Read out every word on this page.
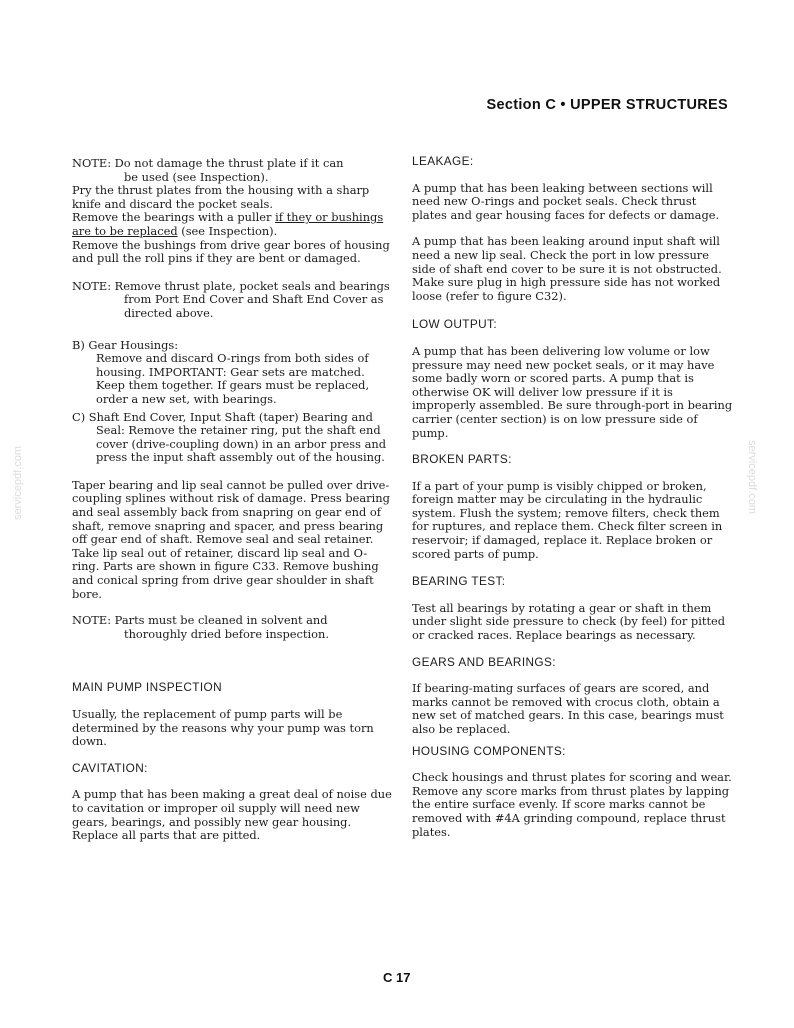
Section C • UPPER STRUCTURES
servicepdf.com	servicepdf.com

NOTE: Do not damage the thrust plate if it can

be used (see Inspection).

Pry the thrust plates from the housing with a sharp knife and discard the pocket seals.

Remove the bearings with a puller if they or bushings are to be replaced (see Inspection).

Remove the bushings from drive gear bores of housing and pull the roll pins if they are bent or damaged.

NOTE: Remove thrust plate, pocket seals and bearings from Port End Cover and Shaft End Cover as directed above.

B) Gear Housings:

Remove and discard O-rings from both sides of housing. IMPORTANT: Gear sets are matched. Keep them together. If gears must be replaced, order a new set, with bearings.

C) Shaft End Cover, Input Shaft (taper) Bearing and Seal: Remove the retainer ring, put the shaft end cover (drive-coupling down) in an arbor press and press the input shaft assembly out of the housing.

Taper bearing and lip seal cannot be pulled over drive-coupling splines without risk of damage. Press bearing and seal assembly back from snapring on gear end of shaft, remove snapring and spacer, and press bearing off gear end of shaft. Remove seal and seal retainer. Take lip seal out of retainer, discard lip seal and O-ring. Parts are shown in figure C33. Remove bushing and conical spring from drive gear shoulder in shaft bore.

NOTE: Parts must be cleaned in solvent and thoroughly dried before inspection.

MAIN PUMP INSPECTION

Usually, the replacement of pump parts will be determined by the reasons why your pump was torn down.

CAVITATION:

A pump that has been making a great deal of noise due to cavitation or improper oil supply will need new gears, bearings, and possibly new gear housing. Replace all parts that are pitted.

LEAKAGE:

A pump that has been leaking between sections will need new O-rings and pocket seals. Check thrust plates and gear housing faces for defects or damage.

A pump that has been leaking around input shaft will need a new lip seal. Check the port in low pressure side of shaft end cover to be sure it is not obstructed. Make sure plug in high pressure side has not worked loose (refer to figure C32).

LOW OUTPUT:

A pump that has been delivering low volume or low pressure may need new pocket seals, or it may have some badly worn or scored parts. A pump that is otherwise OK will deliver low pressure if it is improperly assembled. Be sure through-port in bearing carrier (center section) is on low pressure side of pump.

BROKEN PARTS:

If a part of your pump is visibly chipped or broken, foreign matter may be circulating in the hydraulic system. Flush the system; remove filters, check them for ruptures, and replace them. Check filter screen in reservoir; if damaged, replace it. Replace broken or scored parts of pump.

BEARING TEST:

Test all bearings by rotating a gear or shaft in them under slight side pressure to check (by feel) for pitted or cracked races. Replace bearings as necessary.

GEARS AND BEARINGS:

If bearing-mating surfaces of gears are scored, and marks cannot be removed with crocus cloth, obtain a new set of matched gears. In this case, bearings must also be replaced.

HOUSING COMPONENTS:

Check housings and thrust plates for scoring and wear. Remove any score marks from thrust plates by lapping the entire surface evenly. If score marks cannot be removed with #4A grinding compound, replace thrust plates.

C 17
